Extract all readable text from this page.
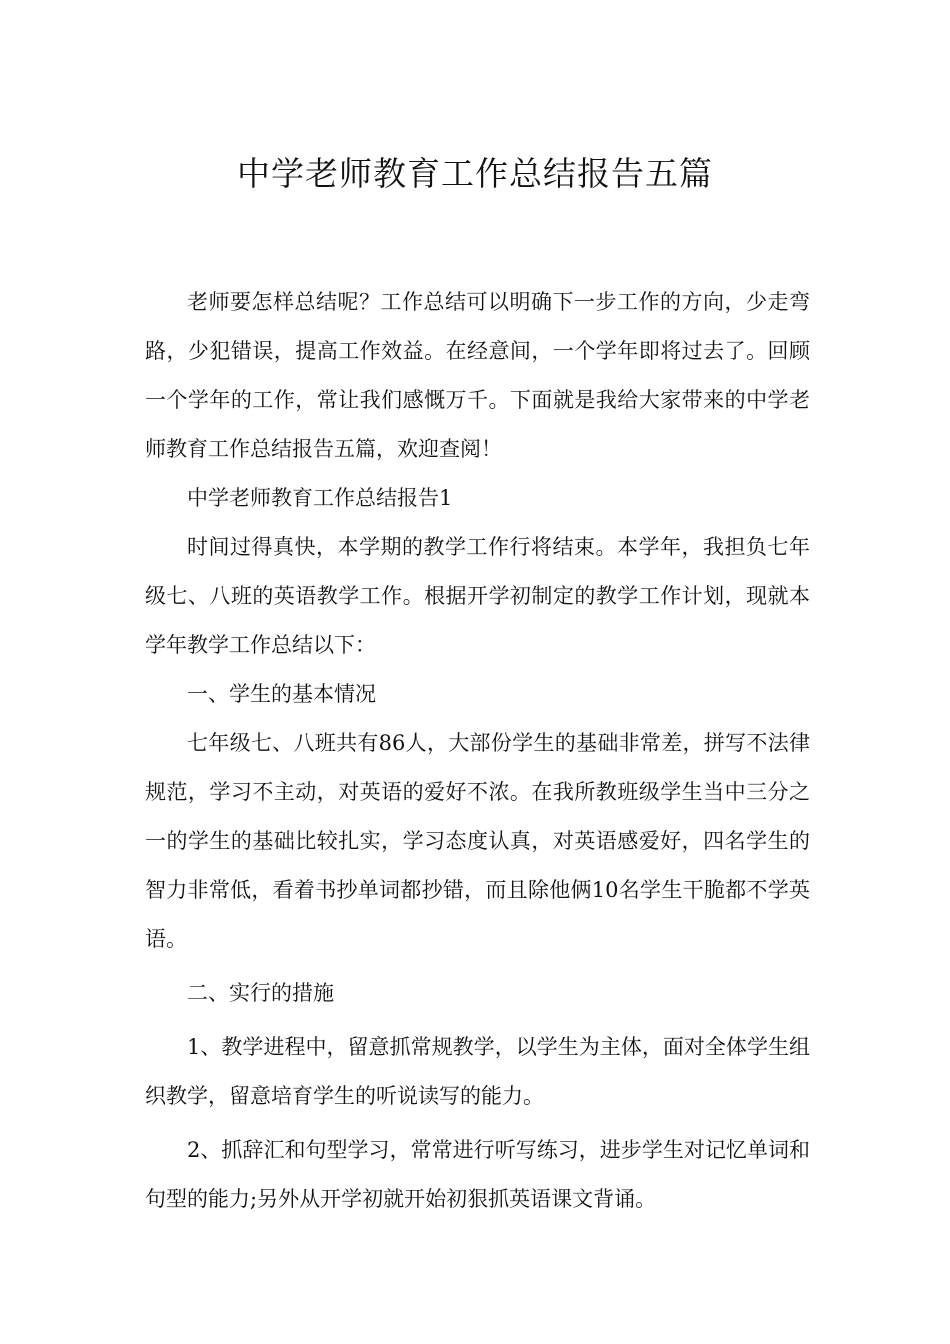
中学老师教育工作总结报告五篇

老师要怎样总结呢？工作总结可以明确下一步工作的方向，少走弯路，少犯错误，提高工作效益。在经意间，一个学年即将过去了。回顾一个学年的工作，常让我们感慨万千。下面就是我给大家带来的中学老师教育工作总结报告五篇，欢迎查阅！

中学老师教育工作总结报告1

时间过得真快，本学期的教学工作行将结束。本学年，我担负七年级七、八班的英语教学工作。根据开学初制定的教学工作计划，现就本学年教学工作总结以下：

一、学生的基本情况

七年级七、八班共有86人，大部份学生的基础非常差，拼写不法律规范，学习不主动，对英语的爱好不浓。在我所教班级学生当中三分之一的学生的基础比较扎实，学习态度认真，对英语感爱好，四名学生的智力非常低，看着书抄单词都抄错，而且除他俩10名学生干脆都不学英语。

二、实行的措施

1、教学进程中，留意抓常规教学，以学生为主体，面对全体学生组织教学，留意培育学生的听说读写的能力。

2、抓辞汇和句型学习，常常进行听写练习，进步学生对记忆单词和句型的能力;另外从开学初就开始初狠抓英语课文背诵。
